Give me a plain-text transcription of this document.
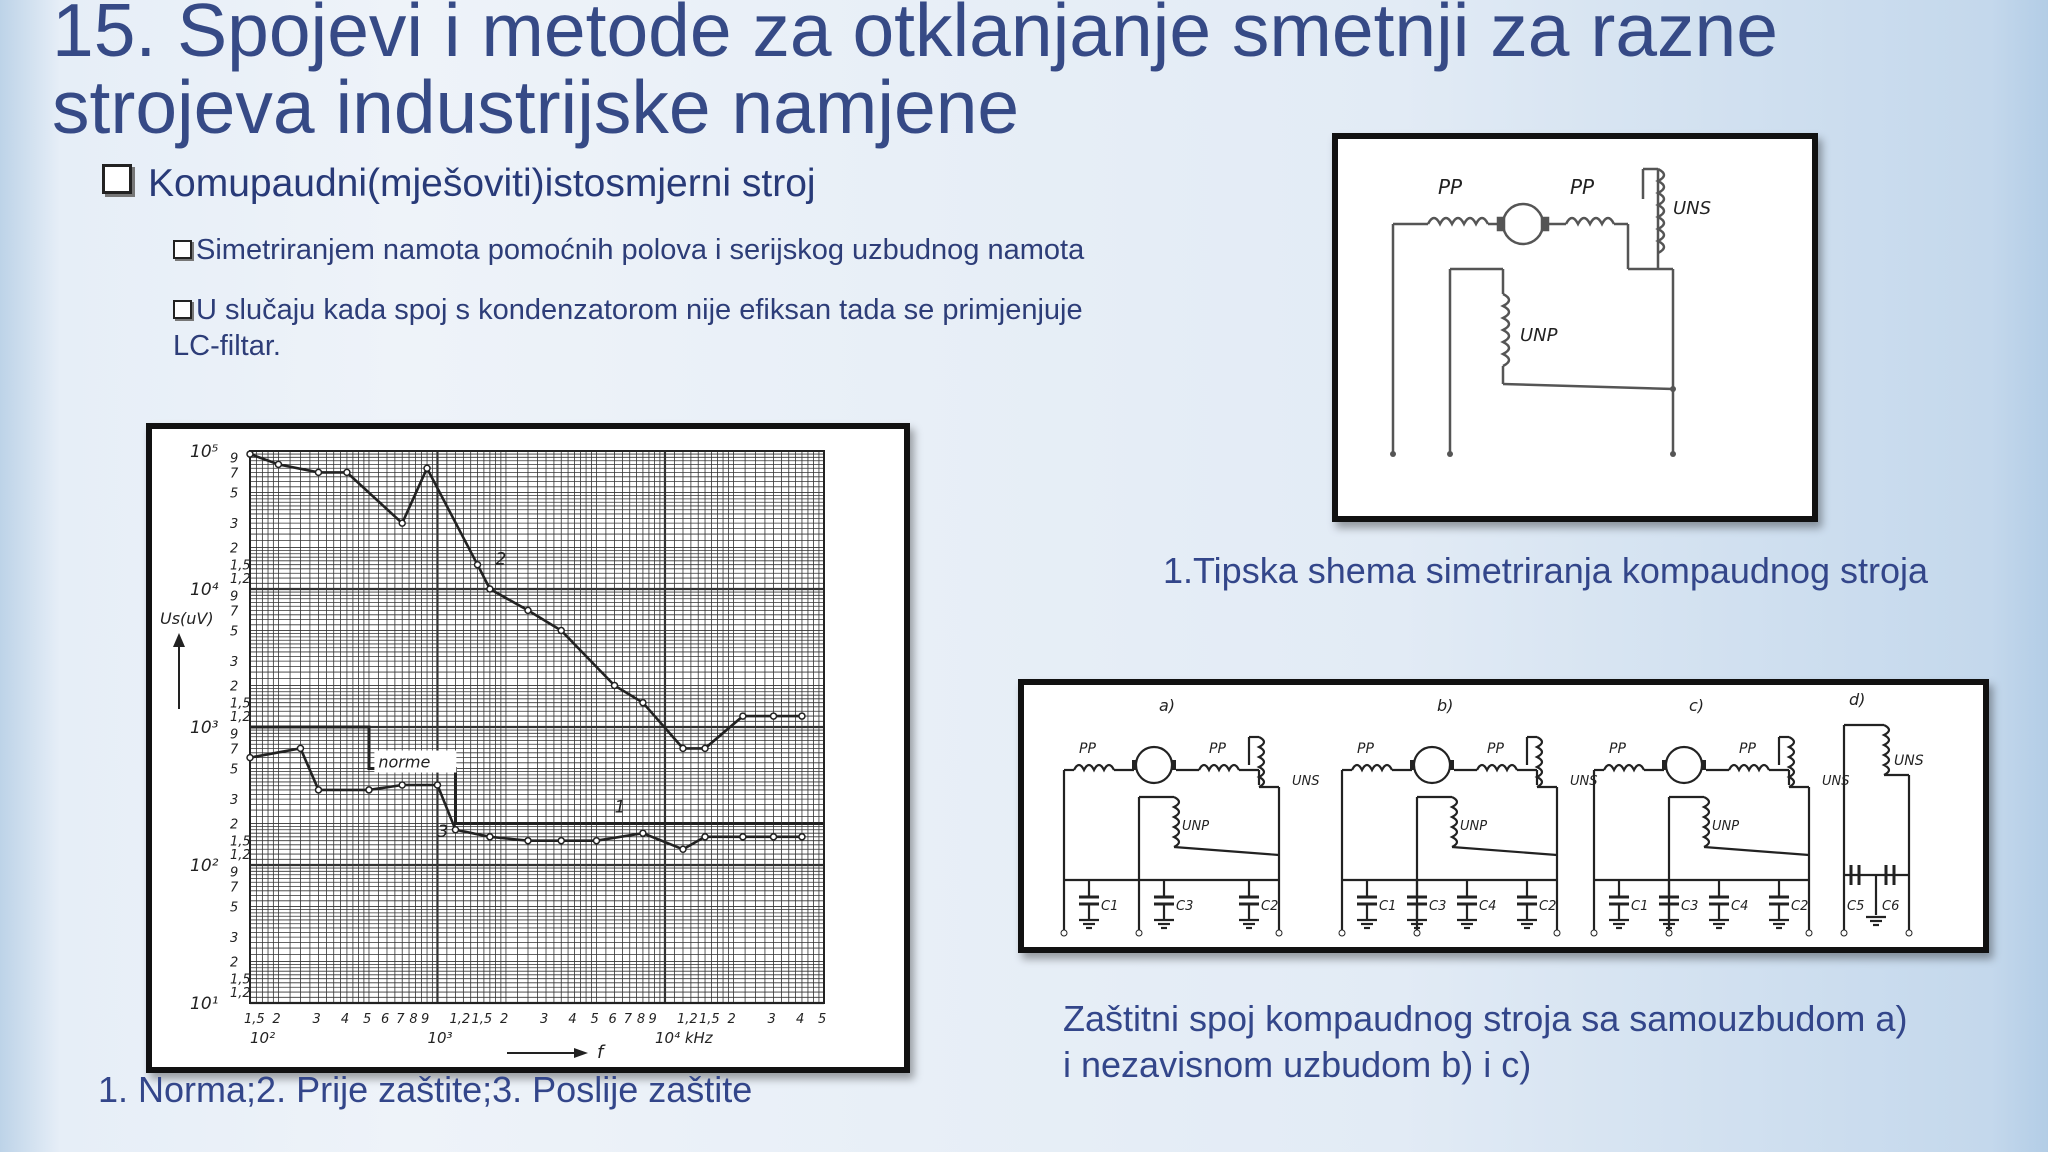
15. Spojevi i metode za otklanjanje smetnji za razne
strojeva industrijske namjene
Komupaudni(mješoviti)istosmjerni stroj
Simetriranjem namota pomoćnih polova i serijskog uzbudnog namota
U slučaju kada spoj s kondenzatorom nije efiksan tada se primjenjuje
LC-filtar.
PP	PP
UNS
UNP
1.Tipska shema simetriranja kompaudnog stroja
10⁵
10⁴
10³
10²
10¹
9
7
5
3
2
1,5
1,2
9
7
5
3
2
1,5
1,2
9
7
5
3
2
1,5
1,2
9
7
5
3
2
1,5
1,2
Us(uV)
1,5 2 3 4 5 6 7 8 9 1,2 1,5 2 3 4 5 6 7 8 9 1,2 1,5 2 3 4 5
10²	10³	10⁴ kHz
f
1
2
3
norme
1. Norma;2. Prije zaštite;3. Poslije zaštite
a)
PP	PP
UNS
UNP
C1	C3	C2
b)
PP	PP
UNS
UNP
C1	C3	C4	C2
c)
PP	PP
UNS
UNP
C1	C3	C4	C2
d)
UNS
C5 C6
Zaštitni spoj kompaudnog stroja sa samouzbudom a)
i nezavisnom uzbudom b) i c)
